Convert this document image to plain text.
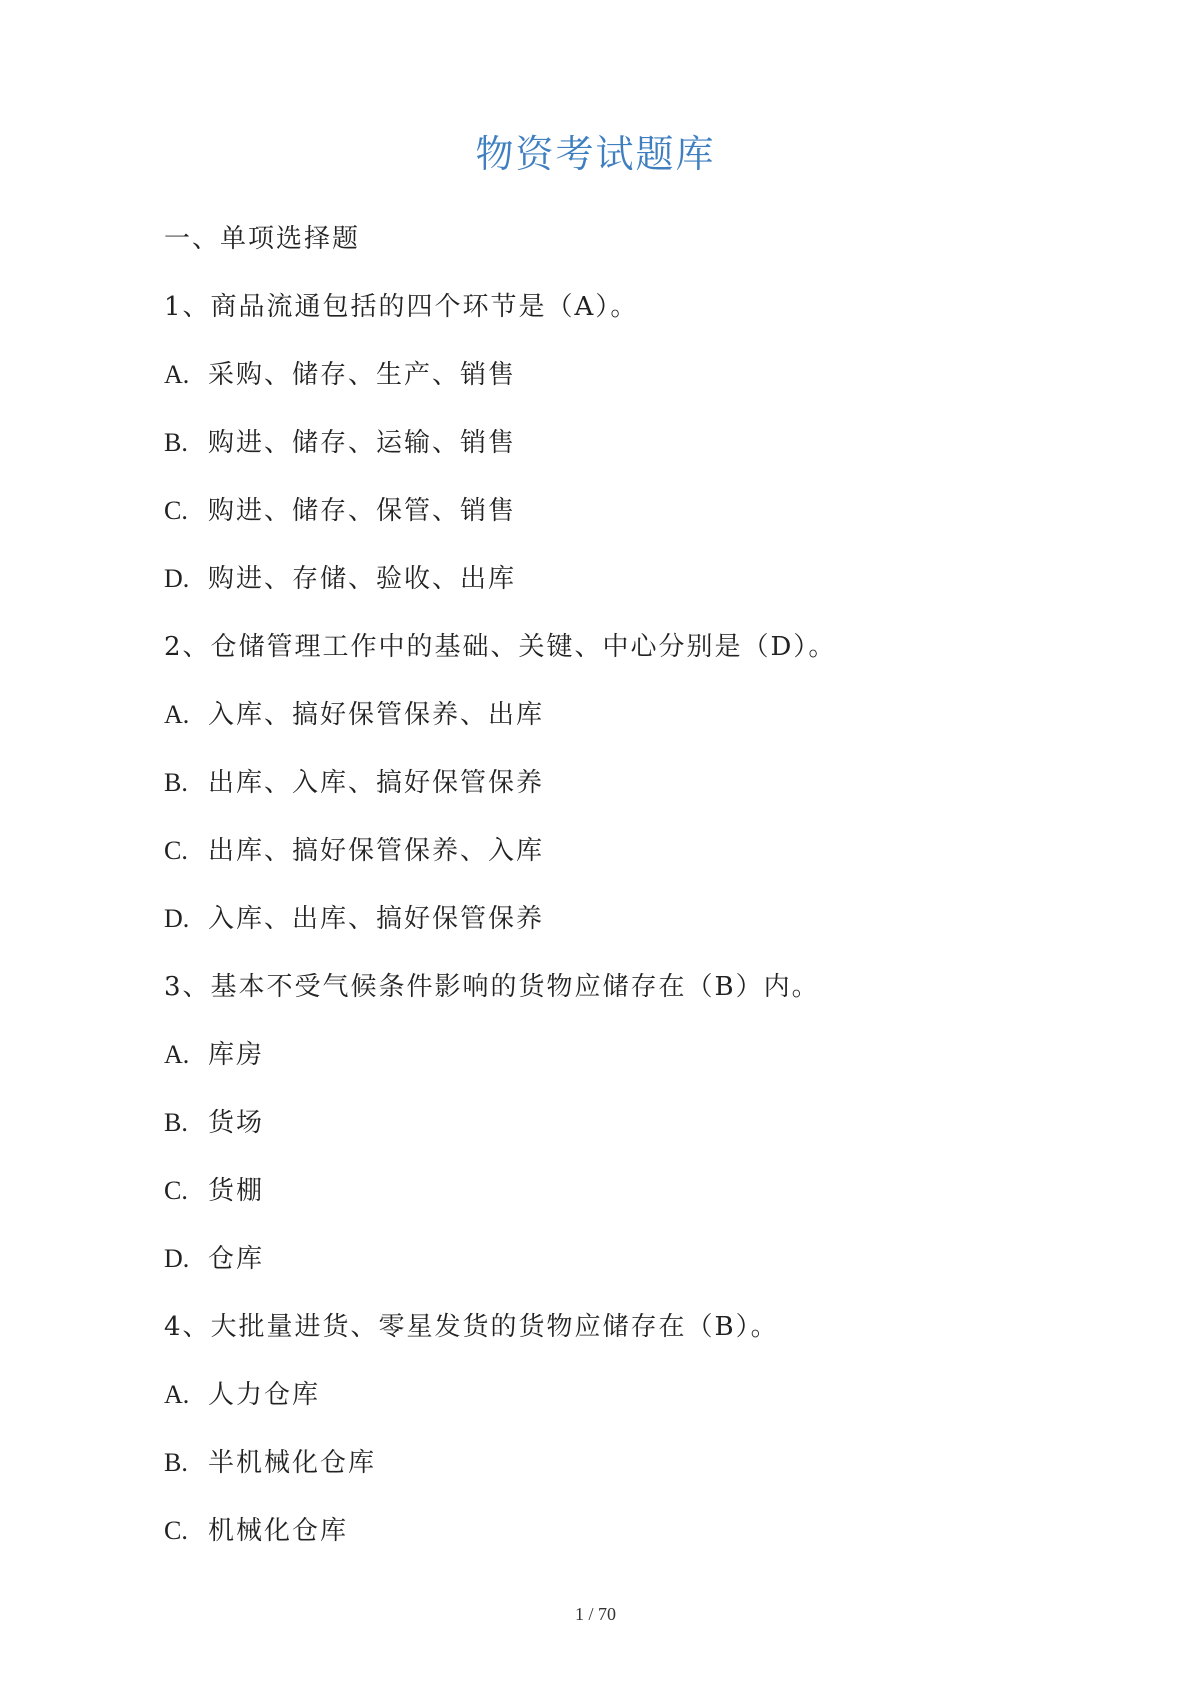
物资考试题库
一、单项选择题
1、商品流通包括的四个环节是（A）。
A. 采购、储存、生产、销售
B. 购进、储存、运输、销售
C. 购进、储存、保管、销售
D. 购进、存储、验收、出库
2、仓储管理工作中的基础、关键、中心分别是（D）。
A. 入库、搞好保管保养、出库
B. 出库、入库、搞好保管保养
C. 出库、搞好保管保养、入库
D. 入库、出库、搞好保管保养
3、基本不受气候条件影响的货物应储存在（B）内。
A. 库房
B. 货场
C. 货棚
D. 仓库
4、大批量进货、零星发货的货物应储存在（B）。
A. 人力仓库
B. 半机械化仓库
C. 机械化仓库
1 / 70
